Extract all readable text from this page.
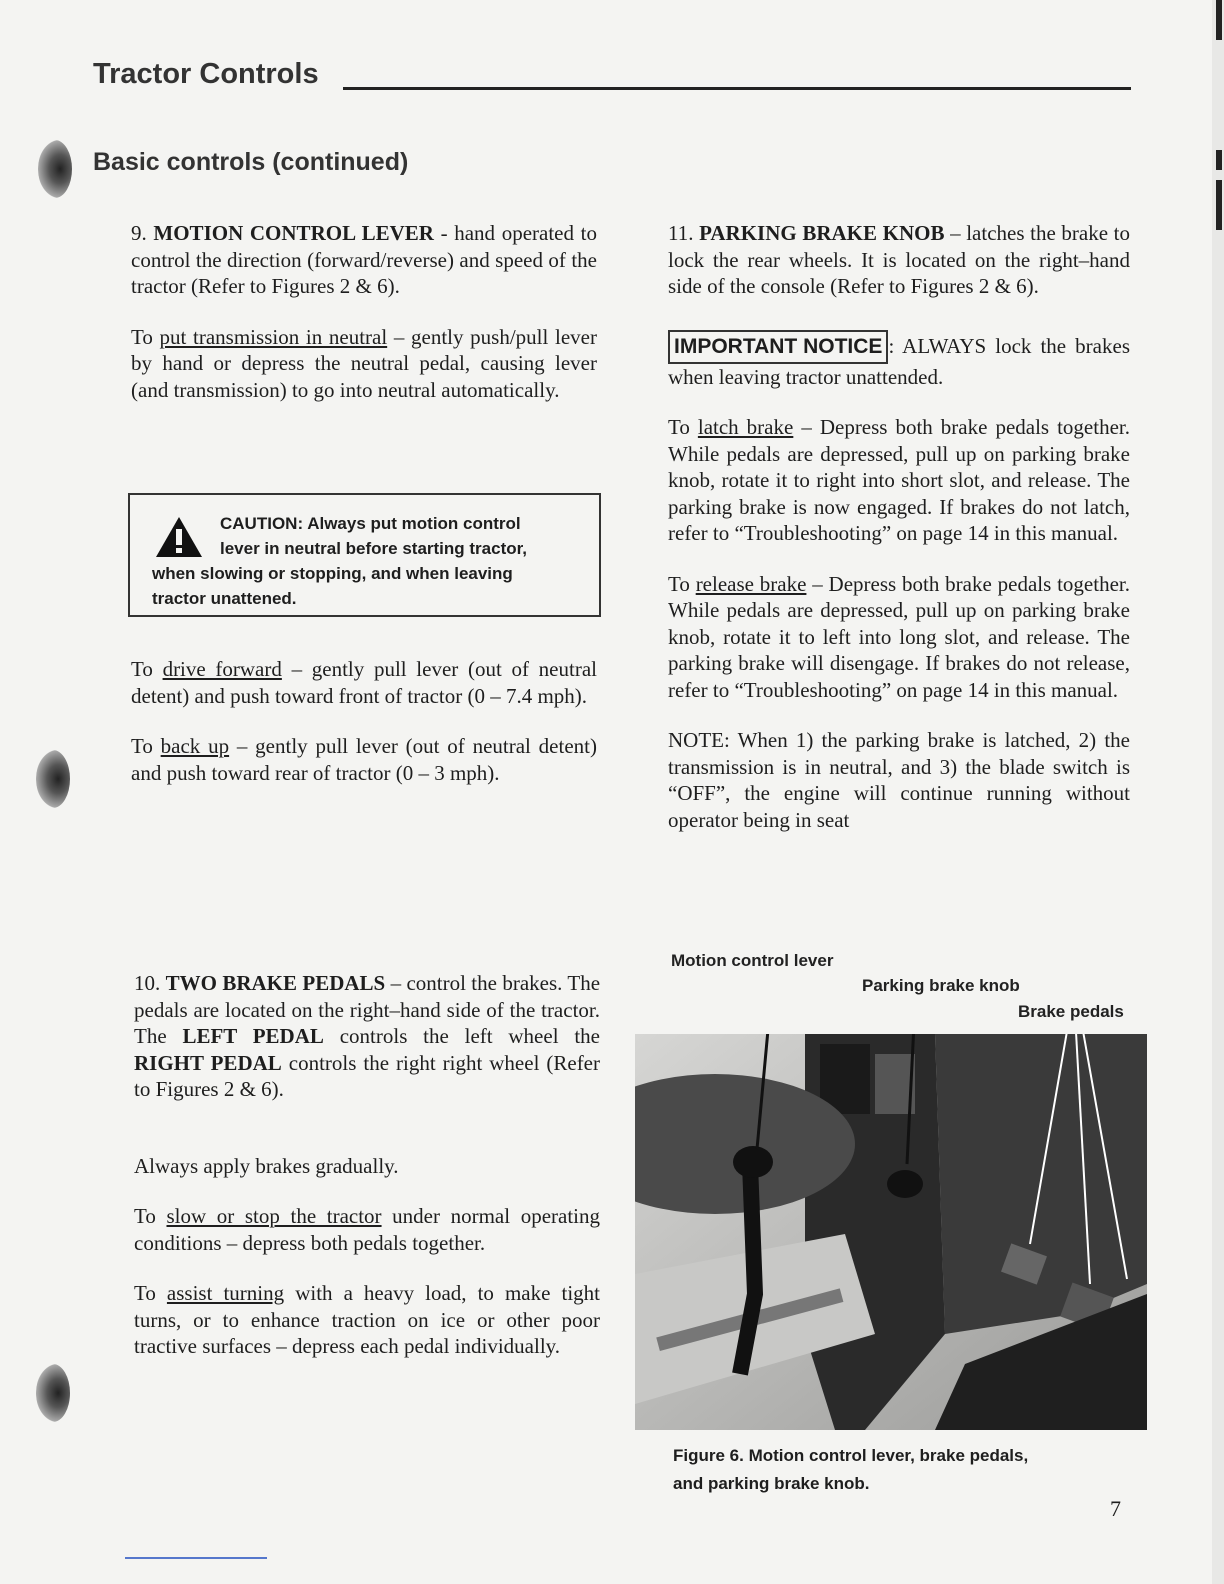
Tractor Controls
Basic controls (continued)

9. MOTION CONTROL LEVER - hand operated to control the direction (forward/reverse) and speed of the tractor (Refer to Figures 2 & 6).

To put transmission in neutral – gently push/pull lever by hand or depress the neutral pedal, causing lever (and transmission) to go into neutral automatically.

CAUTION: Always put motion control
lever in neutral before starting tractor,
when slowing or stopping, and when leaving
tractor unattened.

To drive forward – gently pull lever (out of neutral detent) and push toward front of tractor (0 – 7.4 mph).

To back up – gently pull lever (out of neutral detent) and push toward rear of tractor (0 – 3 mph).

10. TWO BRAKE PEDALS – control the brakes. The pedals are located on the right–hand side of the tractor. The LEFT PEDAL controls the left wheel the RIGHT PEDAL controls the right right wheel (Refer to Figures 2 & 6).

Always apply brakes gradually.

To slow or stop the tractor under normal operating conditions – depress both pedals together.

To assist turning with a heavy load, to make tight turns, or to enhance traction on ice or other poor tractive surfaces – depress each pedal individually.

11. PARKING BRAKE KNOB – latches the brake to lock the rear wheels. It is located on the right–hand side of the console (Refer to Figures 2 & 6).

IMPORTANT NOTICE : ALWAYS lock the brakes when leaving tractor unattended.

To latch brake – Depress both brake pedals together. While pedals are depressed, pull up on parking brake knob, rotate it to right into short slot, and release. The parking brake is now engaged. If brakes do not latch, refer to “Troubleshooting” on page 14 in this manual.

To release brake – Depress both brake pedals together. While pedals are depressed, pull up on parking brake knob, rotate it to left into long slot, and release. The parking brake will disengage. If brakes do not release, refer to “Troubleshooting” on page 14 in this manual.

NOTE: When 1) the parking brake is latched, 2) the transmission is in neutral, and 3) the blade switch is “OFF”, the engine will continue running without operator being in seat

Motion control lever
Parking brake knob
Brake pedals
Figure 6. Motion control lever, brake pedals,
and parking brake knob.
7
